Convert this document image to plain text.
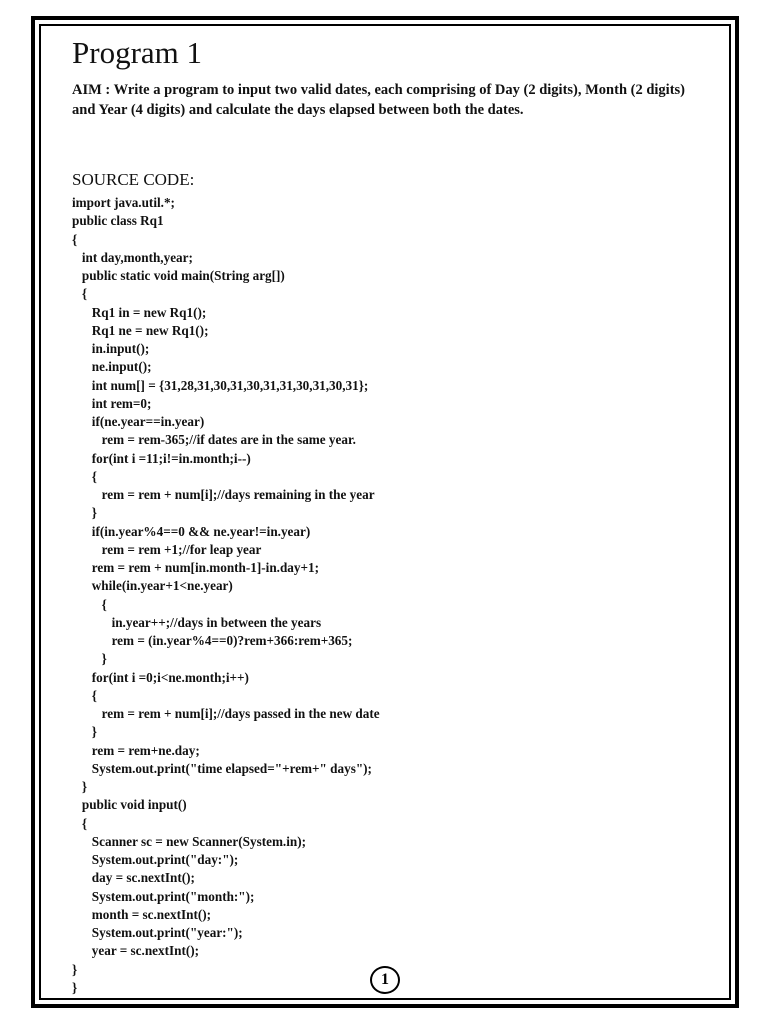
Program 1
AIM : Write a program to input two valid dates, each comprising of Day (2 digits), Month (2 digits) and Year (4 digits) and calculate the days elapsed between both the dates.
SOURCE CODE:
import java.util.*;
public class Rq1
{
int day,month,year;
public static void main(String arg[])
{
Rq1 in = new Rq1();
Rq1 ne = new Rq1();
in.input();
ne.input();
int num[] = {31,28,31,30,31,30,31,31,30,31,30,31};
int rem=0;
if(ne.year==in.year)
rem = rem-365;//if dates are in the same year.
for(int i =11;i!=in.month;i--)
{
rem = rem + num[i];//days remaining in the year
}
if(in.year%4==0 && ne.year!=in.year)
rem = rem +1;//for leap year
rem = rem + num[in.month-1]-in.day+1;
while(in.year+1<ne.year)
{
in.year++;//days in between the years
rem = (in.year%4==0)?rem+366:rem+365;
}
for(int i =0;i<ne.month;i++)
{
rem = rem + num[i];//days passed in the new date
}
rem = rem+ne.day;
System.out.print("time elapsed="+rem+" days");
}
public void input()
{
Scanner sc = new Scanner(System.in);
System.out.print("day:");
day = sc.nextInt();
System.out.print("month:");
month = sc.nextInt();
System.out.print("year:");
year = sc.nextInt();
}
}	1
